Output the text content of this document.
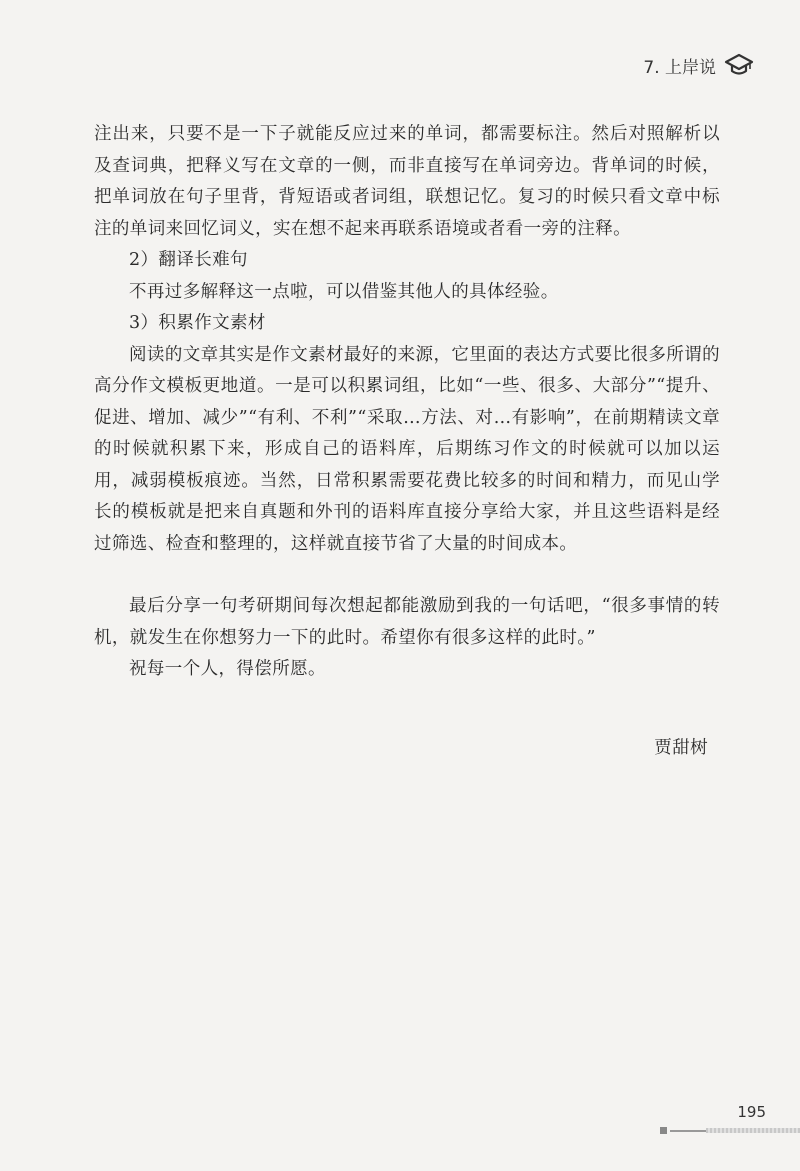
7. 上岸说

注出来，只要不是一下子就能反应过来的单词，都需要标注。然后对照解析以及查词典，把释义写在文章的一侧，而非直接写在单词旁边。背单词的时候，把单词放在句子里背，背短语或者词组，联想记忆。复习的时候只看文章中标注的单词来回忆词义，实在想不起来再联系语境或者看一旁的注释。

2）翻译长难句

不再过多解释这一点啦，可以借鉴其他人的具体经验。

3）积累作文素材

阅读的文章其实是作文素材最好的来源，它里面的表达方式要比很多所谓的高分作文模板更地道。一是可以积累词组，比如“一些、很多、大部分”“提升、促进、增加、减少”“有利、不利”“采取…方法、对…有影响”，在前期精读文章的时候就积累下来，形成自己的语料库，后期练习作文的时候就可以加以运用，减弱模板痕迹。当然，日常积累需要花费比较多的时间和精力，而见山学长的模板就是把来自真题和外刊的语料库直接分享给大家，并且这些语料是经过筛选、检查和整理的，这样就直接节省了大量的时间成本。

最后分享一句考研期间每次想起都能激励到我的一句话吧，“很多事情的转机，就发生在你想努力一下的此时。希望你有很多这样的此时。”

祝每一个人，得偿所愿。

贾甜树
195
